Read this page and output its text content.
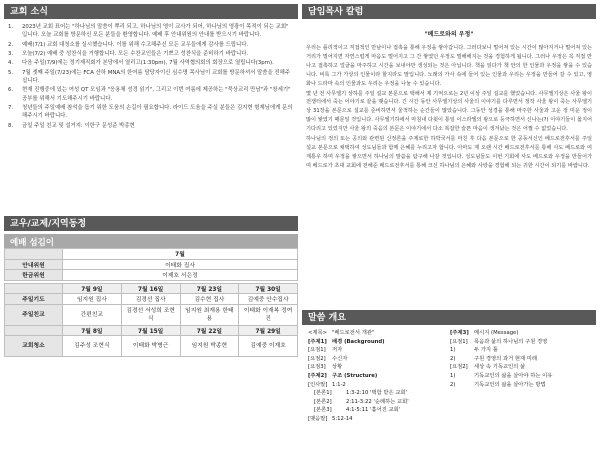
교회 소식
1.	2023년 교회 표어는 "하나님의 말씀이 뿌리 되고, 하나님의 영이 교사가 되어, 하나님의 영광이 목적이 되는 교회" 입니다. 오늘 교회를 방문하신 모든 분들을 환영합니다. 예배 후 안내위원의 안내를 받으시기 바랍니다.
2.	예배(7/1) 교회 대청소를 실시했습니다. 이를 위해 수고해주신 모든 교우들에게 감사를 드립니다.
3.	오늘(7/2) 예배 중 성찬식을 거행합니다. 모든 수찬교인들은 기쁘고 성찬식을 준비하기 바랍니다.
4.	다음 주일(7/9)에는 정기제직회가 본당에서 열리고(1:30pm), 7월 사역협의회의 회장으로 열립니다(3pm).
5.	7월 셋째 주일(7/23)에는 FCA 산하 MNA의 한여름 담당자이신 심수명 목사님이 교회를 방문하셔서 말씀을 전해주십니다.
6.	현재 진행중에 있는 여성 QT 모임과 "응용체 성경 읽기", 그리고 이번 여름에 제공하는 "묵상교리 만남"과 "창세기" 공부를 위해서 기도해주시기 바랍니다.
7.	청년들의 주일예배 참석을 돕기 위한 도움의 손길이 필요합니다. 라이드 도움을 주실 분들은 김지현 형제님에게 문의해주시기 바랍니다.
8.	금일 주일 친교 및 설거지: 이한구 문성준 박종현
교우/교제/지역동정
예배 섬김이
	7월			
안내위원	이태화 집사			
한금위원	이제호 서은정			

	7월 9일	7월 16일	7월 23일	7월 30일
주일기도	임지원 집사	김경선 집사	김수현 집사	김예중 안수집사
주일친교	간편친교	김경선 서성희 조현식	임지원 최재용 한태용	이태화 이재복 정여진
	7월 8일	7월 15일	7월 22일	7월 29일
교회청소	김주성 조현식	이태화 박병근	임지원 박종현	김예중 이재호
담임목사 칼럼
"베드로와의 우정"

우리는 플리적이고 직접적인 만남이나 접촉을 통해 우정을 쌓아갑니다. 그러다보니 멀어져 있는 시간이 많아지거나 멀어져 있는 거리가 멀어지면 자연스럽게 마음도 멀어지고 그 간 쌓였던 우정도 멀해해지는 것을 경험하게 됩니다. 그러나 우정은 꼭 직접 만나고 접촉하고 얼굴을 마주하고 시간을 보내야만 생성되는 것은 아닙니다. 책을 읽다가 책 안의 한 인물과 우정을 쌓을 수 있습니다. 비록 그가 가상의 인물이라 할지라도 말입니다. 노래의 가사 속에 들어 있는 인물과 우리는 우정을 만들어 갈 수 있고, 영화나 드라마 속의 인물과도 우리는 우정을 나눌 수 있습니다.

몇 년 전 사무엘기 상하를 주일 설교 본문으로 택해서 제 기억으로는 2년 이상 주일 설교를 했었습니다. 사무엘기상은 사울 왕이 전쟁터에서 죽는 이야기로 끝을 맺습니다. 긴 시간 동안 사무엘기상의 사울의 이야기를 다루면서 정작 사울 왕이 죽는 사무엘기상 31장을 본문으로 설교를 준비하면서 울적하는 순간들이 많았습니다. 그동안 성경을 통해 마주한 사울과 고운 정 미운 정이 많이 쌓였기 때문일 것입니다. 사무엘기하에서 마침내 다윗이 통일 이스라엘의 왕으로 등극하면서 신나는(?) 이야기들이 옳지어 기다리고 있었지만 사울 왕의 죽음의 본문은 이야기에서 다소 복잡한 슬픈 마음이 생겨났는 것은 어쩔 수 없었습니다.

하나님의 정의 또는 공의와 관련된 신정론을 주제로한 하박국서를 마친 후 다음 본문으로 한 공동서신인 베드로전후서를 주일 설교 본문으로 채택하여 성도님들과 함께 은혜를 누리고자 합니다. 아마도 제 오랜 시간 베드로전후서를 통해 사도 베드로와 여계통우 하며 우정을 쌓으면서 하나님의 말씀을 탐구해 나갈 것입니다. 성도님들도 이번 기회에 사도 베드로와 우정을 만들어가며 베드로가 초대 교회에 전해준 베드로전후서를 통해 크신 하나님의 은혜와 사랑을 경험해 되는 귀한 시간이 되기를 바랍니다.

말씀 개요
<제목> "베드로전서 개관"
[주제1] 배경 (Background)
[요점1]	저자
[요점2]	수신자
[요점3]	상황
[주제2] 구조 (Structure)
[인사말] 1:1-2
[본론1]	1:3-2:10 '택함 받은 교회'
[본론2]	2:11-3:22 '순례하는 교회'
[본론3]	4:1-5:11 '흩어진 교회'
[맺음말] 5:12-14
[주제3] 메시지 (Message)
[요점1]	목음과 삶의 하나님의 구원 경영
1)	두 가지 틀
2)	구원 경영의 과거 현재 미래
[요점2]	세상 속 기독교인의 삶
1)	기독교인의 삶을 살아야 하는 이유
2)	기독교인의 삶을 살아가는 방법
